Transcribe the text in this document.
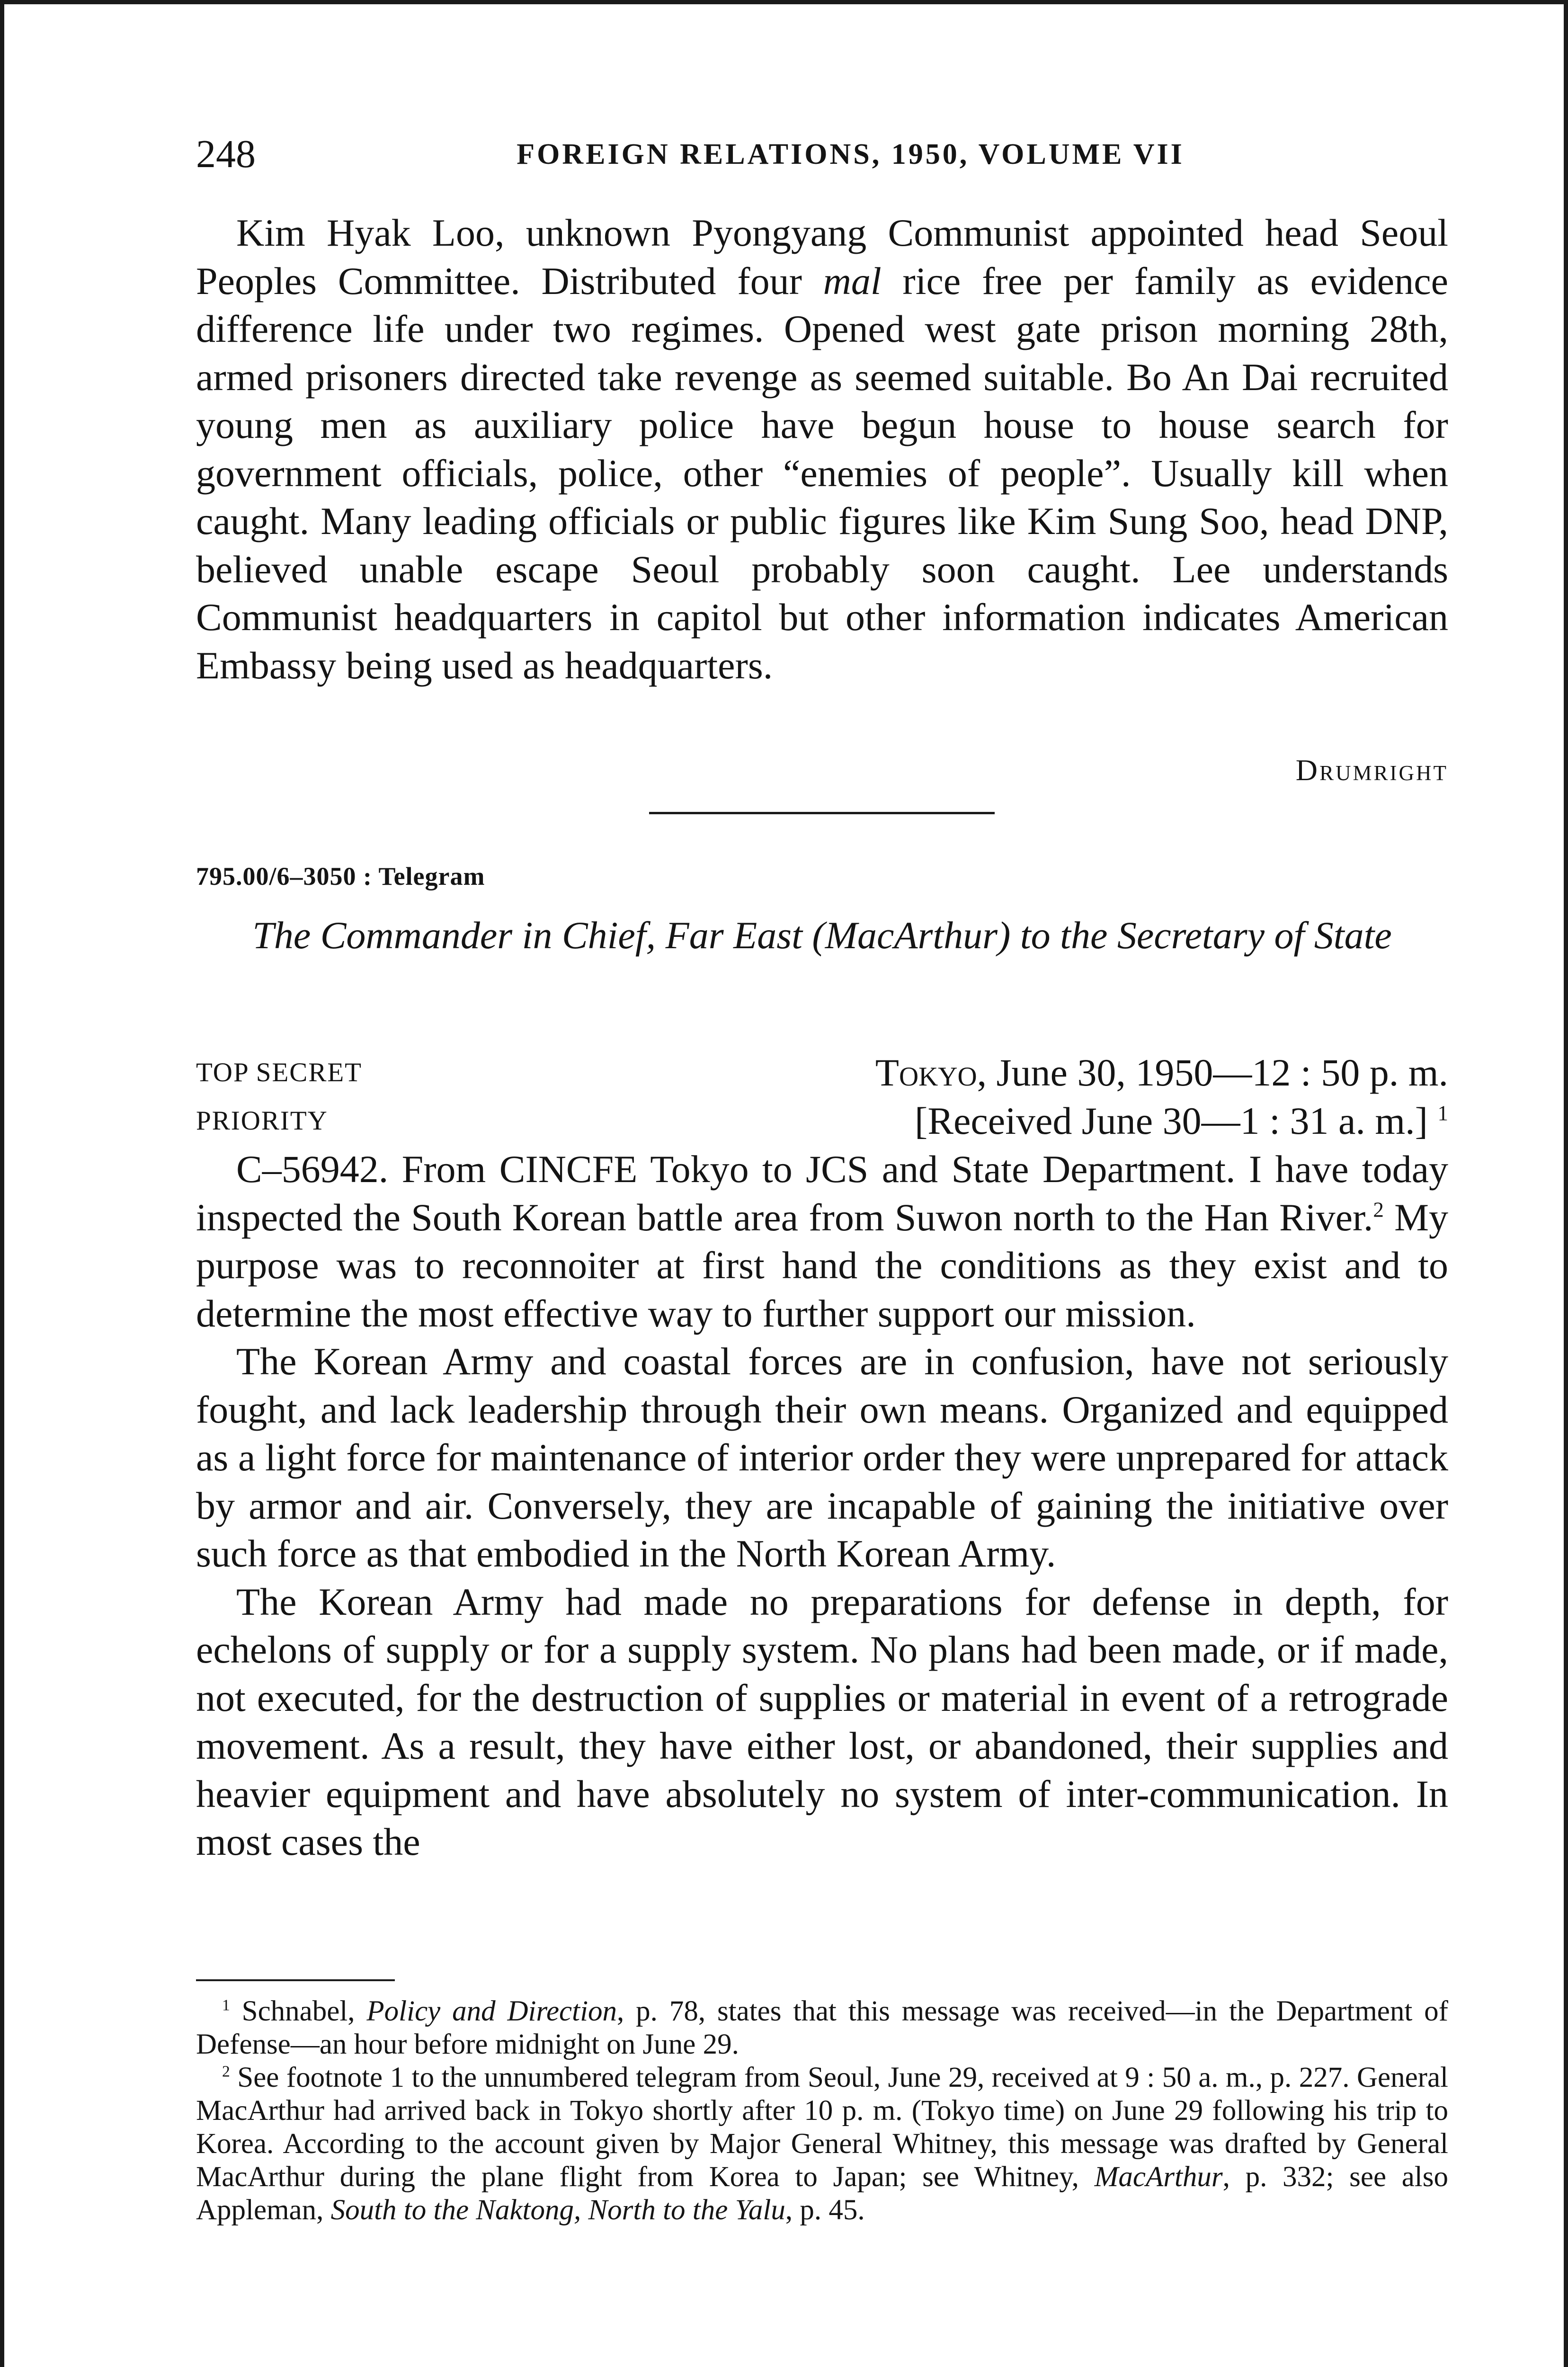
248	FOREIGN RELATIONS, 1950, VOLUME VII

Kim Hyak Loo, unknown Pyongyang Communist appointed head Seoul Peoples Committee. Distributed four mal rice free per family as evidence difference life under two regimes. Opened west gate prison morning 28th, armed prisoners directed take revenge as seemed suitable. Bo An Dai recruited young men as auxiliary police have begun house to house search for government officials, police, other “enemies of people”. Usually kill when caught. Many leading officials or public figures like Kim Sung Soo, head DNP, believed unable escape Seoul probably soon caught. Lee understands Communist headquarters in capitol but other information indicates American Embassy being used as headquarters.

Drumright
795.00/6–3050 : Telegram
The Commander in Chief, Far East (MacArthur) to the Secretary of State
TOP SECRET	Tokyo, June 30, 1950—12 : 50 p. m.
PRIORITY	[Received June 30—1 : 31 a. m.] $^1$

C–56942. From CINCFE Tokyo to JCS and State Department. I have today inspected the South Korean battle area from Suwon north to the Han River.$^2$ My purpose was to reconnoiter at first hand the conditions as they exist and to determine the most effective way to further support our mission.

The Korean Army and coastal forces are in confusion, have not seriously fought, and lack leadership through their own means. Organized and equipped as a light force for maintenance of interior order they were unprepared for attack by armor and air. Conversely, they are incapable of gaining the initiative over such force as that embodied in the North Korean Army.

The Korean Army had made no preparations for defense in depth, for echelons of supply or for a supply system. No plans had been made, or if made, not executed, for the destruction of supplies or material in event of a retrograde movement. As a result, they have either lost, or abandoned, their supplies and heavier equipment and have absolutely no system of inter-communication. In most cases the

$^1$ Schnabel, Policy and Direction, p. 78, states that this message was received—in the Department of Defense—an hour before midnight on June 29.

$^2$ See footnote 1 to the unnumbered telegram from Seoul, June 29, received at 9 : 50 a. m., p. 227. General MacArthur had arrived back in Tokyo shortly after 10 p. m. (Tokyo time) on June 29 following his trip to Korea. According to the account given by Major General Whitney, this message was drafted by General MacArthur during the plane flight from Korea to Japan; see Whitney, MacArthur, p. 332; see also Appleman, South to the Naktong, North to the Yalu, p. 45.
